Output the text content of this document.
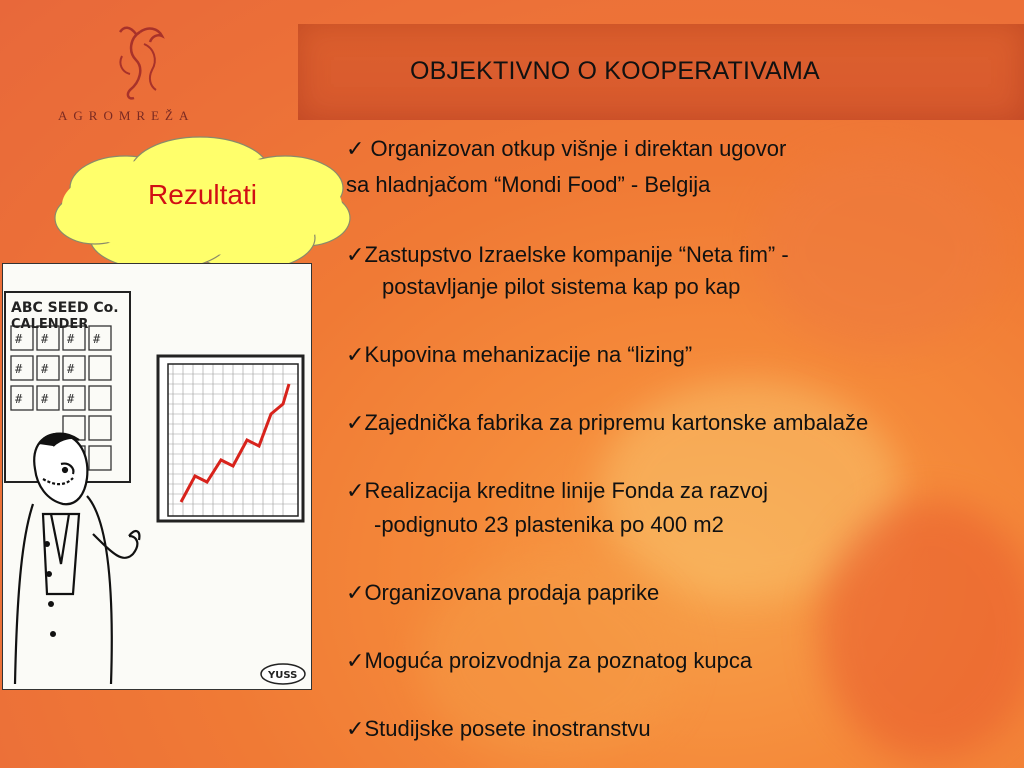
AGROMREŽA
OBJEKTIVNO O KOOPERATIVAMA
Rezultati
# # # #
# # #
# # #
ABC SEED Co.
CALENDER
YUSS
✓ Organizovan otkup višnje i direktan ugovor
sa hladnjačom “Mondi Food” - Belgija
✓Zastupstvo Izraelske kompanije “Neta fim” -
postavljanje pilot sistema kap po kap
✓Kupovina mehanizacije na “lizing”
✓Zajednička fabrika za pripremu kartonske ambalaže
✓Realizacija kreditne linije Fonda za razvoj
-podignuto 23 plastenika po 400 m2
✓Organizovana prodaja paprike
✓Moguća proizvodnja za poznatog kupca
✓Studijske posete inostranstvu
